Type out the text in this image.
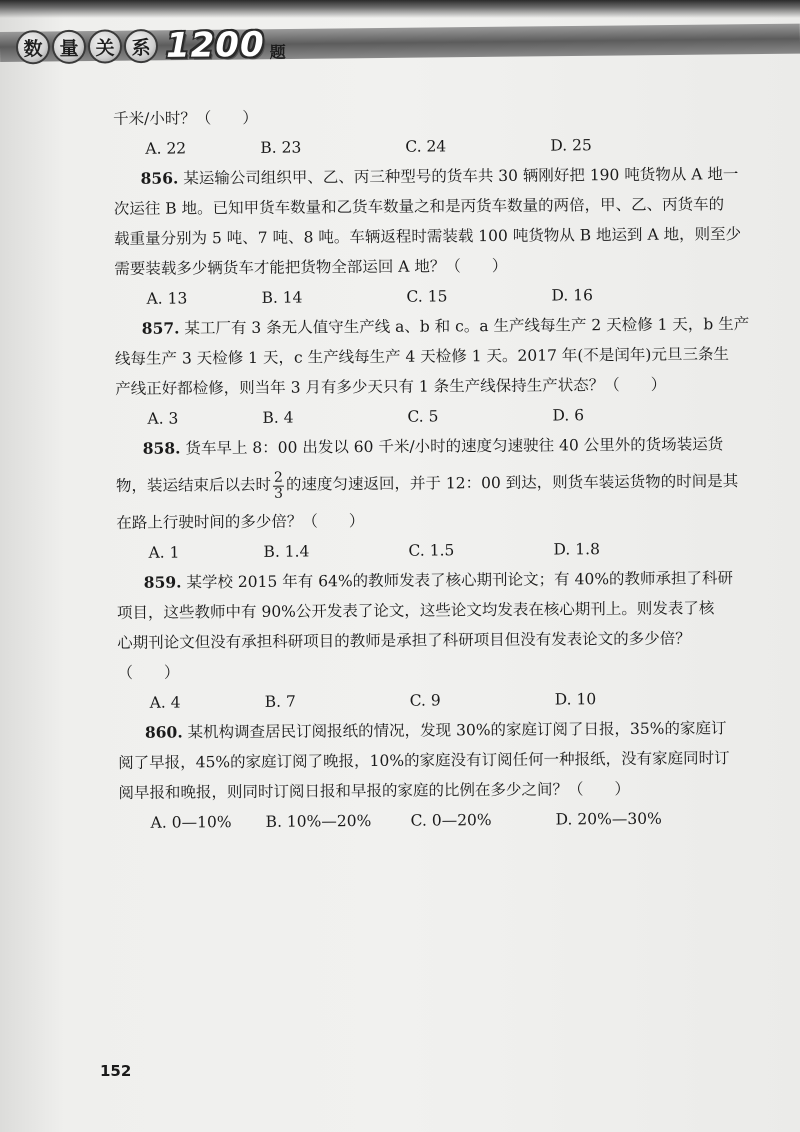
数 量 关 系 1200 题
千米/小时？（　　）
A. 22	B. 23	C. 24	D. 25
856. 某运输公司组织甲、乙、丙三种型号的货车共 30 辆刚好把 190 吨货物从 A 地一
次运往 B 地。已知甲货车数量和乙货车数量之和是丙货车数量的两倍，甲、乙、丙货车的
载重量分别为 5 吨、7 吨、8 吨。车辆返程时需装载 100 吨货物从 B 地运到 A 地，则至少
需要装载多少辆货车才能把货物全部运回 A 地？（　　）
A. 13	B. 14	C. 15	D. 16
857. 某工厂有 3 条无人值守生产线 a、b 和 c。a 生产线每生产 2 天检修 1 天，b 生产
线每生产 3 天检修 1 天，c 生产线每生产 4 天检修 1 天。2017 年(不是闰年)元旦三条生
产线正好都检修，则当年 3 月有多少天只有 1 条生产线保持生产状态？（　　）
A. 3	B. 4	C. 5	D. 6
858. 货车早上 8：00 出发以 60 千米/小时的速度匀速驶往 40 公里外的货场装运货
物，装运结束后以去时 $\frac{2}{3}$ 的速度匀速返回，并于 12：00 到达，则货车装运货物的时间是其
在路上行驶时间的多少倍？（　　）
A. 1	B. 1.4	C. 1.5	D. 1.8
859. 某学校 2015 年有 64%的教师发表了核心期刊论文；有 40%的教师承担了科研
项目，这些教师中有 90%公开发表了论文，这些论文均发表在核心期刊上。则发表了核
心期刊论文但没有承担科研项目的教师是承担了科研项目但没有发表论文的多少倍？
（　　）
A. 4	B. 7	C. 9	D. 10
860. 某机构调查居民订阅报纸的情况，发现 30%的家庭订阅了日报，35%的家庭订
阅了早报，45%的家庭订阅了晚报，10%的家庭没有订阅任何一种报纸，没有家庭同时订
阅早报和晚报，则同时订阅日报和早报的家庭的比例在多少之间？（　　）
A. 0—10%	B. 10%—20%	C. 0—20%	D. 20%—30%
152
